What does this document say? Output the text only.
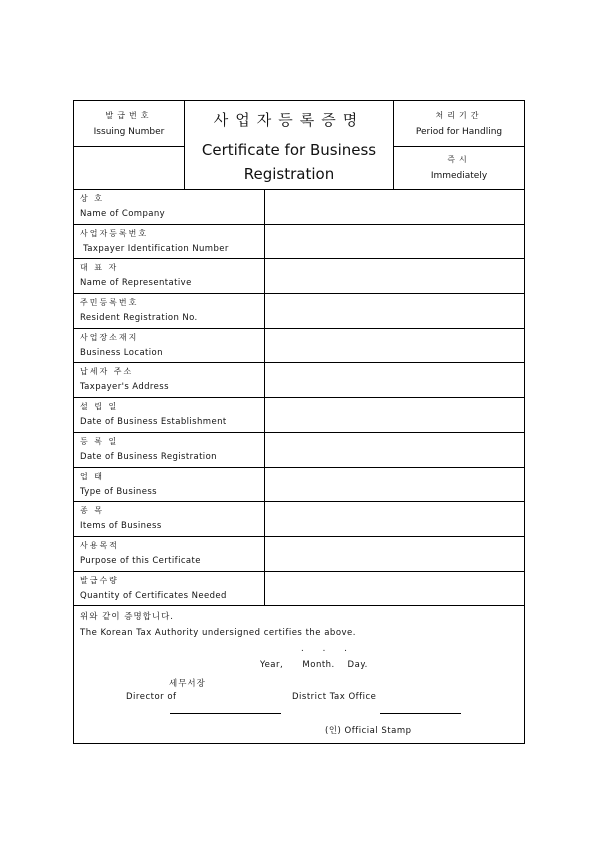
발급번호
Issuing Number
사업자등록증명
Certificate for Business Registration
처리기간
Period for Handling
즉시
Immediately
상 호
Name of Company
사업자등록번호
Taxpayer Identification Number
대 표 자
Name of Representative
주민등록번호
Resident Registration No.
사업장소재지
Business Location
납세자 주소
Taxpayer's Address
설 립 일
Date of Business Establishment
등 록 일
Date of Business Registration
업 태
Type of Business
종 목
Items of Business
사용목적
Purpose of this Certificate
발급수량
Quantity of Certificates Needed
위와 같이 증명합니다.
The Korean Tax Authority undersigned certifies the above.
.       .       .
Year,      Month.    Day.
세무서장
Director of	District Tax Office
(인) Official Stamp
